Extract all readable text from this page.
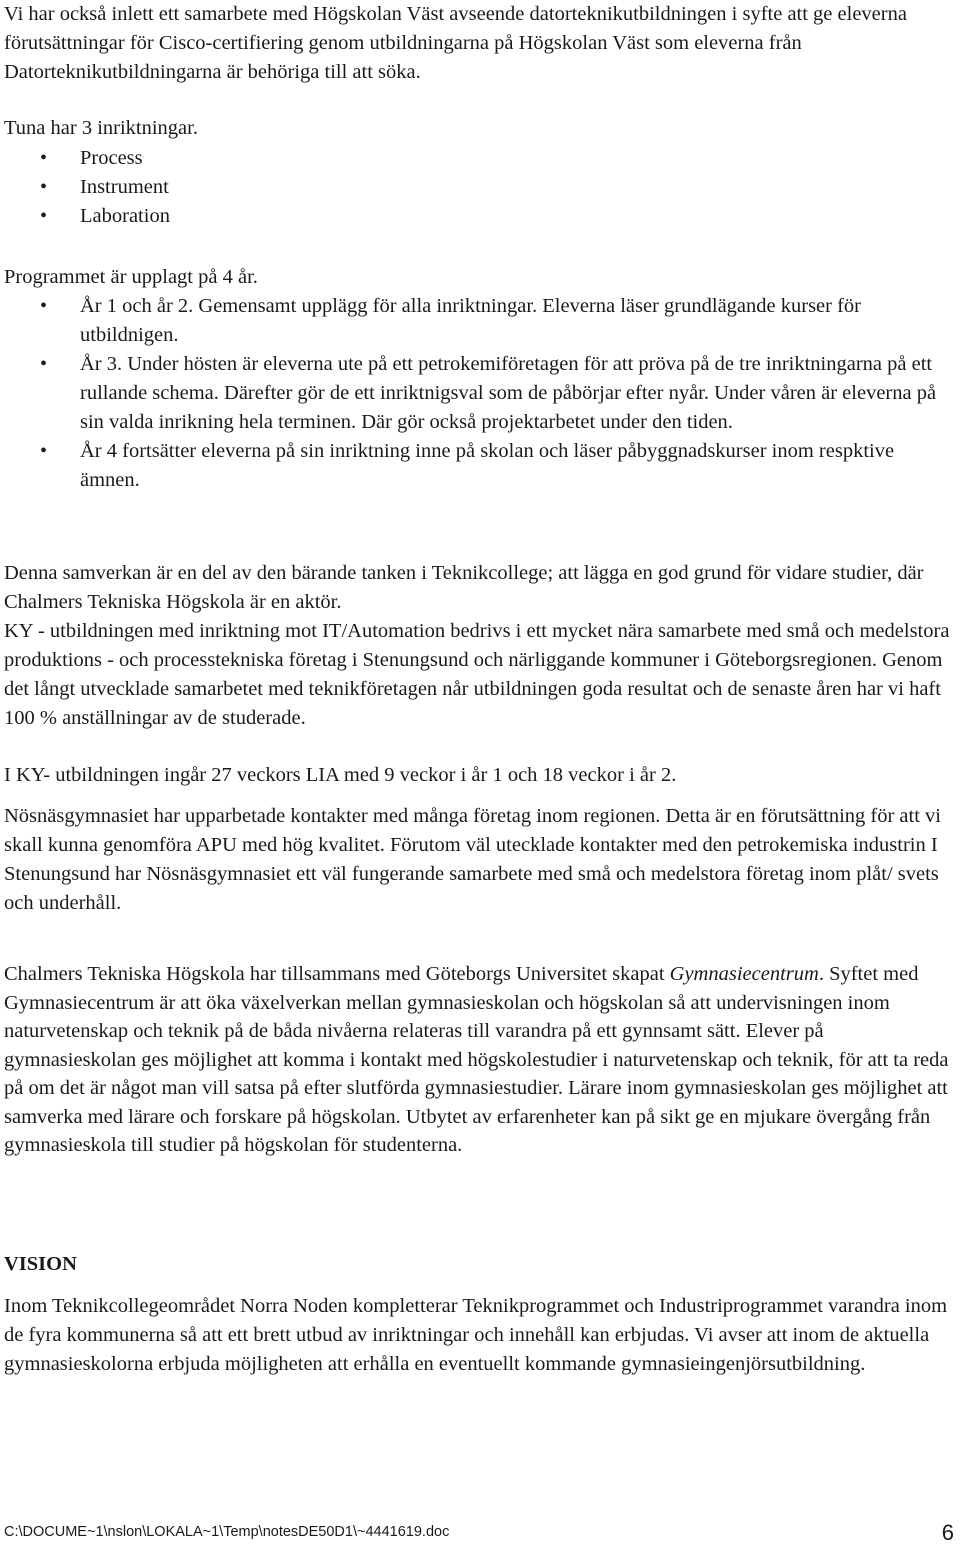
Vi har också inlett ett samarbete med Högskolan Väst avseende datorteknikutbildningen i syfte att ge eleverna förutsättningar för Cisco-certifiering genom utbildningarna på Högskolan Väst som eleverna från Datorteknikutbildningarna är behöriga till att söka.

Tuna har 3 inriktningar.

• Process
• Instrument
• Laboration

Programmet är upplagt på 4 år.

• År 1 och år 2. Gemensamt upplägg för alla inriktningar. Eleverna läser grundlägande kurser för utbildnigen.
• År 3. Under hösten är eleverna ute på ett petrokemiföretagen för att pröva på de tre inriktningarna på ett rullande schema. Därefter gör de ett inriktnigsval som de påbörjar efter nyår. Under våren är eleverna på sin valda inrikning hela terminen. Där gör också projektarbetet under den tiden.
• År 4 fortsätter eleverna på sin inriktning inne på skolan och läser påbyggnadskurser inom respktive ämnen.

Denna samverkan är en del av den bärande tanken i Teknikcollege; att lägga en god grund för vidare studier, där Chalmers Tekniska Högskola är en aktör.

KY - utbildningen med inriktning mot IT/Automation bedrivs i ett mycket nära samarbete med små och medelstora produktions - och processtekniska företag i Stenungsund och närliggande kommuner i Göteborgsregionen. Genom det långt utvecklade samarbetet med teknikföretagen når utbildningen goda resultat och de senaste åren har vi haft 100 % anställningar av de studerade.

I KY- utbildningen ingår 27 veckors LIA med 9 veckor i år 1 och 18 veckor i år 2.

Nösnäsgymnasiet har upparbetade kontakter med många företag inom regionen. Detta är en förutsättning för att vi skall kunna genomföra APU med hög kvalitet. Förutom väl utecklade kontakter med den petrokemiska industrin I Stenungsund har Nösnäsgymnasiet ett väl fungerande samarbete med små och medelstora företag inom plåt/ svets och underhåll.

Chalmers Tekniska Högskola har tillsammans med Göteborgs Universitet skapat Gymnasiecentrum. Syftet med Gymnasiecentrum är att öka växelverkan mellan gymnasieskolan och högskolan så att undervisningen inom naturvetenskap och teknik på de båda nivåerna relateras till varandra på ett gynnsamt sätt. Elever på gymnasieskolan ges möjlighet att komma i kontakt med högskolestudier i naturvetenskap och teknik, för att ta reda på om det är något man vill satsa på efter slutförda gymnasiestudier. Lärare inom gymnasieskolan ges möjlighet att samverka med lärare och forskare på högskolan. Utbytet av erfarenheter kan på sikt ge en mjukare övergång från gymnasieskola till studier på högskolan för studenterna.

VISION

Inom Teknikcollegeområdet Norra Noden kompletterar Teknikprogrammet och Industriprogrammet varandra inom de fyra kommunerna så att ett brett utbud av inriktningar och innehåll kan erbjudas. Vi avser att inom de aktuella gymnasieskolorna erbjuda möjligheten att erhålla en eventuellt kommande gymnasieingenjörsutbildning.

C:\DOCUME~1\nslon\LOKALA~1\Temp\notesDE50D1\~4441619.doc	6
